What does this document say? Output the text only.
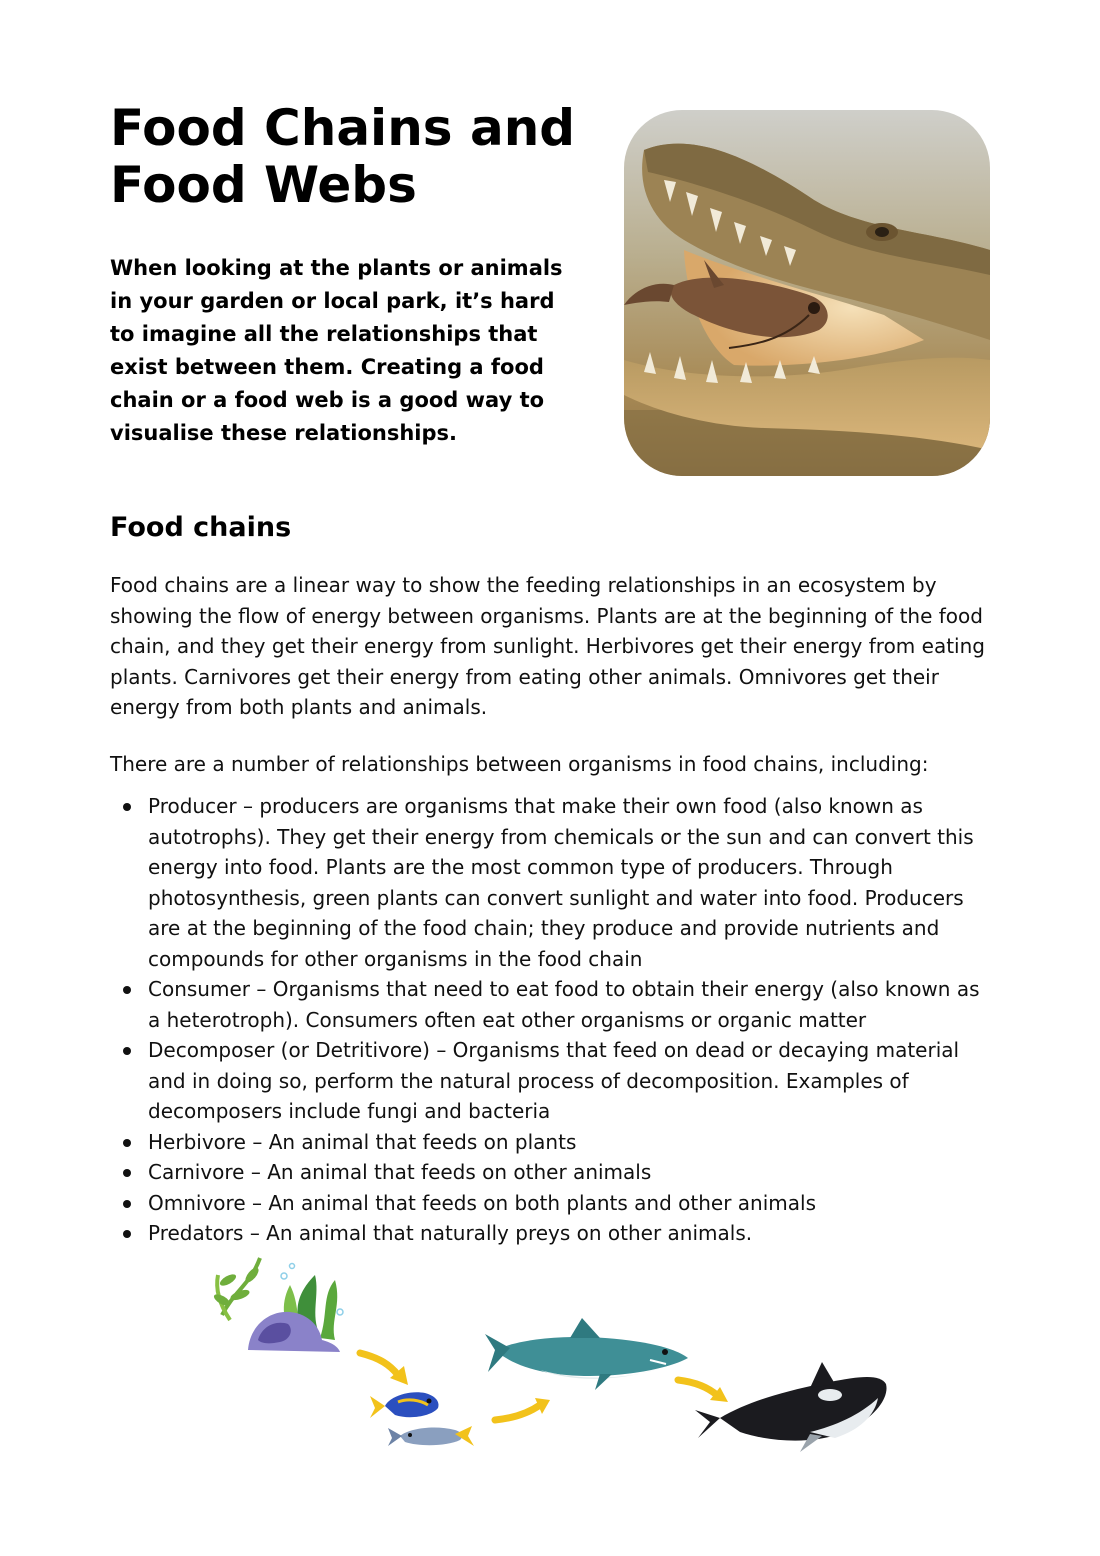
Food Chains and Food Webs

When looking at the plants or animals in your garden or local park, it’s hard to imagine all the relationships that exist between them. Creating a food chain or a food web is a good way to visualise these relationships.

Food chains

Food chains are a linear way to show the feeding relationships in an ecosystem by showing the flow of energy between organisms. Plants are at the beginning of the food chain, and they get their energy from sunlight. Herbivores get their energy from eating plants. Carnivores get their energy from eating other animals. Omnivores get their energy from both plants and animals.

There are a number of relationships between organisms in food chains, including:

Producer – producers are organisms that make their own food (also known as autotrophs). They get their energy from chemicals or the sun and can convert this energy into food. Plants are the most common type of producers. Through photosynthesis, green plants can convert sunlight and water into food. Producers are at the beginning of the food chain; they produce and provide nutrients and compounds for other organisms in the food chain
Consumer – Organisms that need to eat food to obtain their energy (also known as a heterotroph). Consumers often eat other organisms or organic matter
Decomposer (or Detritivore) – Organisms that feed on dead or decaying material and in doing so, perform the natural process of decomposition. Examples of decomposers include fungi and bacteria
Herbivore – An animal that feeds on plants
Carnivore – An animal that feeds on other animals
Omnivore – An animal that feeds on both plants and other animals
Predators – An animal that naturally preys on other animals.
